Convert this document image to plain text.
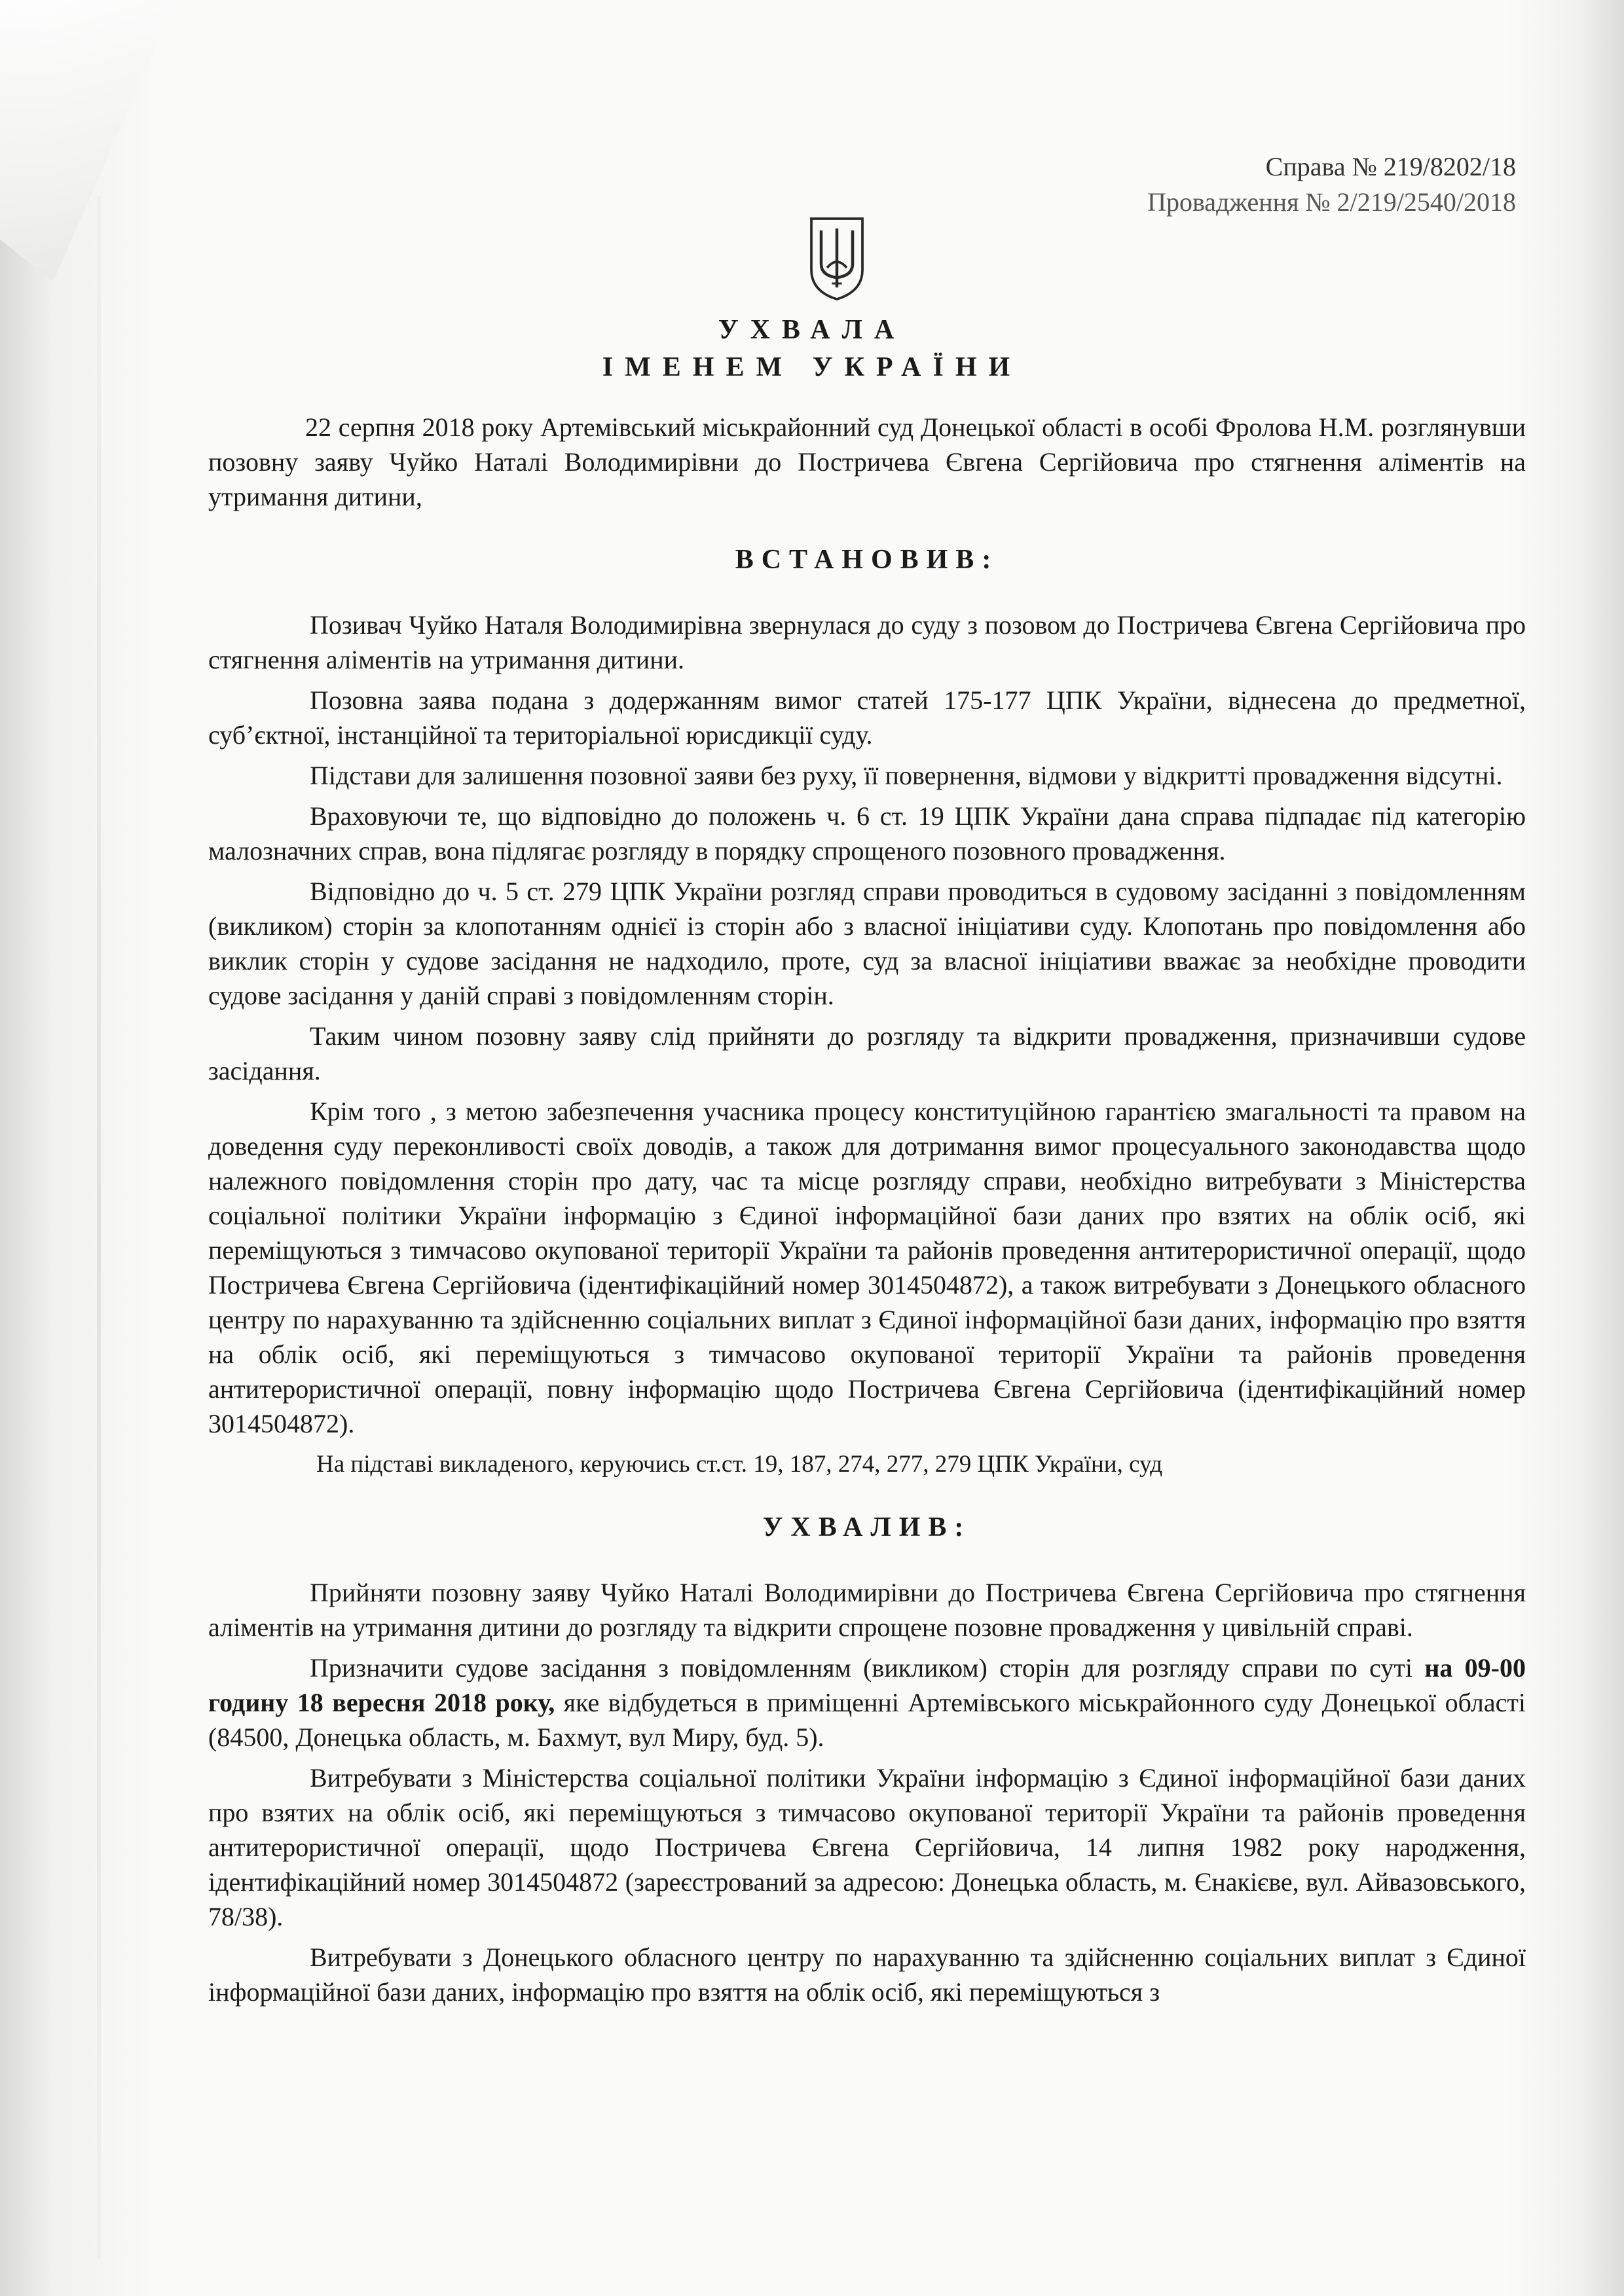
Справа № 219/8202/18
Провадження № 2/219/2540/2018
УХВАЛА
ІМЕНЕМ УКРАЇНИ

22 серпня 2018 року Артемівський міськрайонний суд Донецької області в особі Фролова Н.М. розглянувши позовну заяву Чуйко Наталі Володимирівни до Постричева Євгена Сергійовича про стягнення аліментів на утримання дитини,

ВСТАНОВИВ:

Позивач Чуйко Наталя Володимирівна звернулася до суду з позовом до Постричева Євгена Сергійовича про стягнення аліментів на утримання дитини.

Позовна заява подана з додержанням вимог статей 175-177 ЦПК України, віднесена до предметної, суб’єктної, інстанційної та територіальної юрисдикції суду.

Підстави для залишення позовної заяви без руху, її повернення, відмови у відкритті провадження відсутні.

Враховуючи те, що відповідно до положень ч. 6 ст. 19 ЦПК України дана справа підпадає під категорію малозначних справ, вона підлягає розгляду в порядку спрощеного позовного провадження.

Відповідно до ч. 5 ст. 279 ЦПК України розгляд справи проводиться в судовому засіданні з повідомленням (викликом) сторін за клопотанням однієї із сторін або з власної ініціативи суду. Клопотань про повідомлення або виклик сторін у судове засідання не надходило, проте, суд за власної ініціативи вважає за необхідне проводити судове засідання у даній справі з повідомленням сторін.

Таким чином позовну заяву слід прийняти до розгляду та відкрити провадження, призначивши судове засідання.

Крім того , з метою забезпечення учасника процесу конституційною гарантією змагальності та правом на доведення суду переконливості своїх доводів, а також для дотримання вимог процесуального законодавства щодо належного повідомлення сторін про дату, час та місце розгляду справи, необхідно витребувати з Міністерства соціальної політики України інформацію з Єдиної інформаційної бази даних про взятих на облік осіб, які переміщуються з тимчасово окупованої території України та районів проведення антитерористичної операції, щодо Постричева Євгена Сергійовича (ідентифікаційний номер 3014504872), а також витребувати з Донецького обласного центру по нарахуванню та здійсненню соціальних виплат з Єдиної інформаційної бази даних, інформацію про взяття на облік осіб, які переміщуються з тимчасово окупованої території України та районів проведення антитерористичної операції, повну інформацію щодо Постричева Євгена Сергійовича (ідентифікаційний номер 3014504872).

На підставі викладеного, керуючись ст.ст. 19, 187, 274, 277, 279 ЦПК України, суд

УХВАЛИВ:

Прийняти позовну заяву Чуйко Наталі Володимирівни до Постричева Євгена Сергійовича про стягнення аліментів на утримання дитини до розгляду та відкрити спрощене позовне провадження у цивільній справі.

Призначити судове засідання з повідомленням (викликом) сторін для розгляду справи по суті на 09-00 годину 18 вересня 2018 року, яке відбудеться в приміщенні Артемівського міськрайонного суду Донецької області (84500, Донецька область, м. Бахмут, вул Миру, буд. 5).

Витребувати з Міністерства соціальної політики України інформацію з Єдиної інформаційної бази даних про взятих на облік осіб, які переміщуються з тимчасово окупованої території України та районів проведення антитерористичної операції, щодо Постричева Євгена Сергійовича, 14 липня 1982 року народження, ідентифікаційний номер 3014504872 (зареєстрований за адресою: Донецька область, м. Єнакієве, вул. Айвазовського, 78/38).

Витребувати з Донецького обласного центру по нарахуванню та здійсненню соціальних виплат з Єдиної інформаційної бази даних, інформацію про взяття на облік осіб, які переміщуються з
